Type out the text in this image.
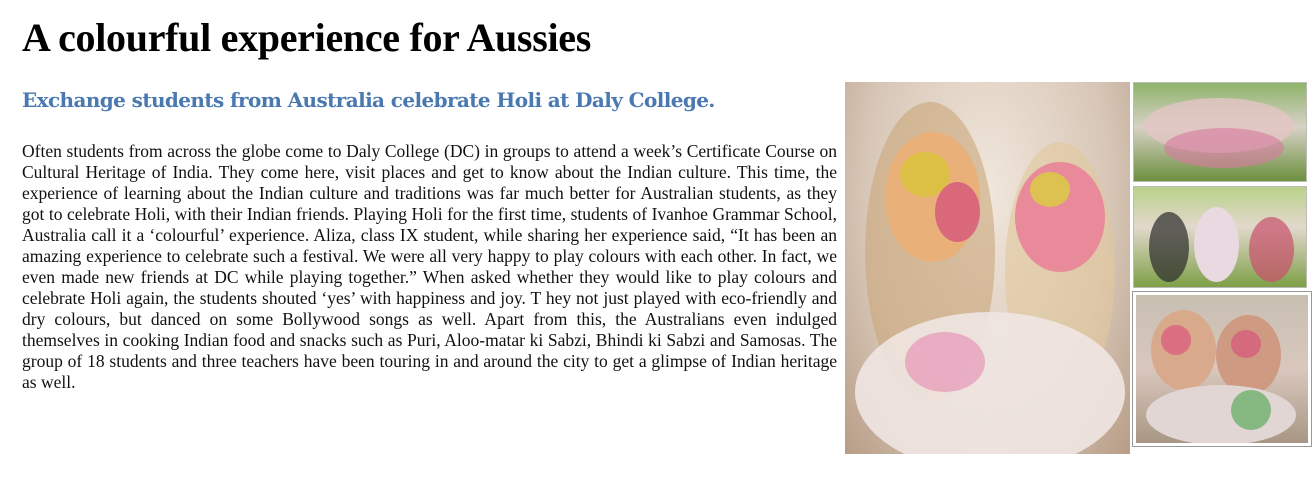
A colourful experience for Aussies
Exchange students from Australia celebrate Holi at Daly College.

Often students from across the globe come to Daly College (DC) in groups to attend a week’s Certificate Course on Cultural Heritage of India. They come here, visit places and get to know about the Indian culture. This time, the experience of learning about the Indian culture and traditions was far much better for Australian students, as they got to celebrate Holi, with their Indian friends. Playing Holi for the first time, students of Ivanhoe Grammar School, Australia call it a ‘colourful’ experience. Aliza, class IX student, while sharing her experience said, “It has been an amazing experience to celebrate such a festival. We were all very happy to play colours with each other. In fact, we even made new friends at DC while playing together.” When asked whether they would like to play colours and celebrate Holi again, the students shouted ‘yes’ with happiness and joy. T hey not just played with eco-friendly and dry colours, but danced on some Bollywood songs as well. Apart from this, the Australians even indulged themselves in cooking Indian food and snacks such as Puri, Aloo-matar ki Sabzi, Bhindi ki Sabzi and Samosas. The group of 18 students and three teachers have been touring in and around the city to get a glimpse of Indian heritage as well.
